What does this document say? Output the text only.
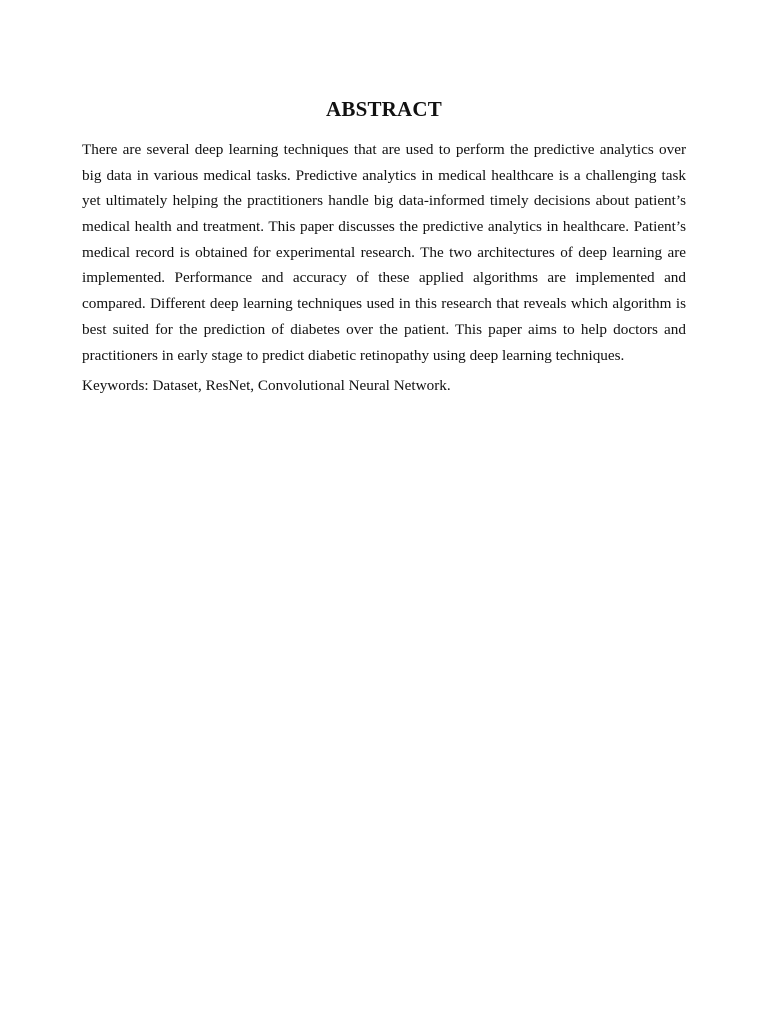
ABSTRACT
There are several deep learning techniques that are used to perform the predictive analytics over
big data in various medical tasks. Predictive analytics in medical healthcare is a challenging task
yet ultimately helping the practitioners handle big data-informed timely decisions about patient’s
medical health and treatment. This paper discusses the predictive analytics in healthcare. Patient’s
medical record is obtained for experimental research. The two architectures of deep learning are
implemented. Performance and accuracy of these applied algorithms are implemented and
compared. Different deep learning techniques used in this research that reveals which algorithm is
best suited for the prediction of diabetes over the patient. This paper aims to help doctors and
practitioners in early stage to predict diabetic retinopathy using deep learning techniques.

Keywords: Dataset, ResNet, Convolutional Neural Network.
